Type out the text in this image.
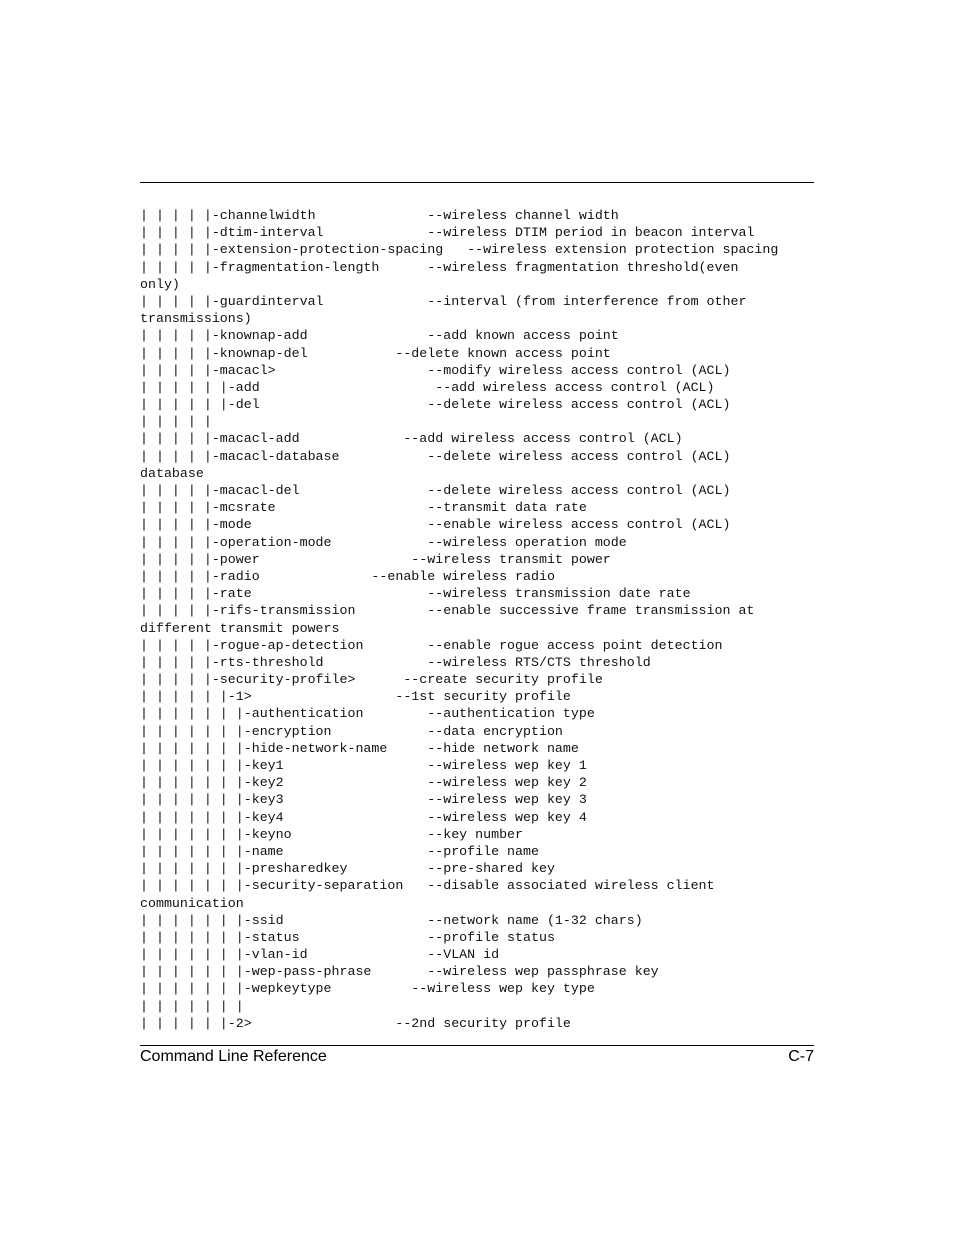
| | | | |-channelwidth              --wireless channel width
| | | | |-dtim-interval             --wireless DTIM period in beacon interval
| | | | |-extension-protection-spacing   --wireless extension protection spacing
| | | | |-fragmentation-length      --wireless fragmentation threshold(even
only)
| | | | |-guardinterval             --interval (from interference from other
transmissions)
| | | | |-knownap-add               --add known access point
| | | | |-knownap-del           --delete known access point
| | | | |-macacl>                   --modify wireless access control (ACL)
| | | | | |-add                      --add wireless access control (ACL)
| | | | | |-del                     --delete wireless access control (ACL)
| | | | |
| | | | |-macacl-add             --add wireless access control (ACL)
| | | | |-macacl-database           --delete wireless access control (ACL)
database
| | | | |-macacl-del                --delete wireless access control (ACL)
| | | | |-mcsrate                   --transmit data rate
| | | | |-mode                      --enable wireless access control (ACL)
| | | | |-operation-mode            --wireless operation mode
| | | | |-power                   --wireless transmit power
| | | | |-radio              --enable wireless radio
| | | | |-rate                      --wireless transmission date rate
| | | | |-rifs-transmission         --enable successive frame transmission at
different transmit powers
| | | | |-rogue-ap-detection        --enable rogue access point detection
| | | | |-rts-threshold             --wireless RTS/CTS threshold
| | | | |-security-profile>      --create security profile
| | | | | |-1>                  --1st security profile
| | | | | | |-authentication        --authentication type
| | | | | | |-encryption            --data encryption
| | | | | | |-hide-network-name     --hide network name
| | | | | | |-key1                  --wireless wep key 1
| | | | | | |-key2                  --wireless wep key 2
| | | | | | |-key3                  --wireless wep key 3
| | | | | | |-key4                  --wireless wep key 4
| | | | | | |-keyno                 --key number
| | | | | | |-name                  --profile name
| | | | | | |-presharedkey          --pre-shared key
| | | | | | |-security-separation   --disable associated wireless client
communication
| | | | | | |-ssid                  --network name (1-32 chars)
| | | | | | |-status                --profile status
| | | | | | |-vlan-id               --VLAN id
| | | | | | |-wep-pass-phrase       --wireless wep passphrase key
| | | | | | |-wepkeytype          --wireless wep key type
| | | | | | |
| | | | | |-2>                  --2nd security profile
Command Line Reference	C-7
